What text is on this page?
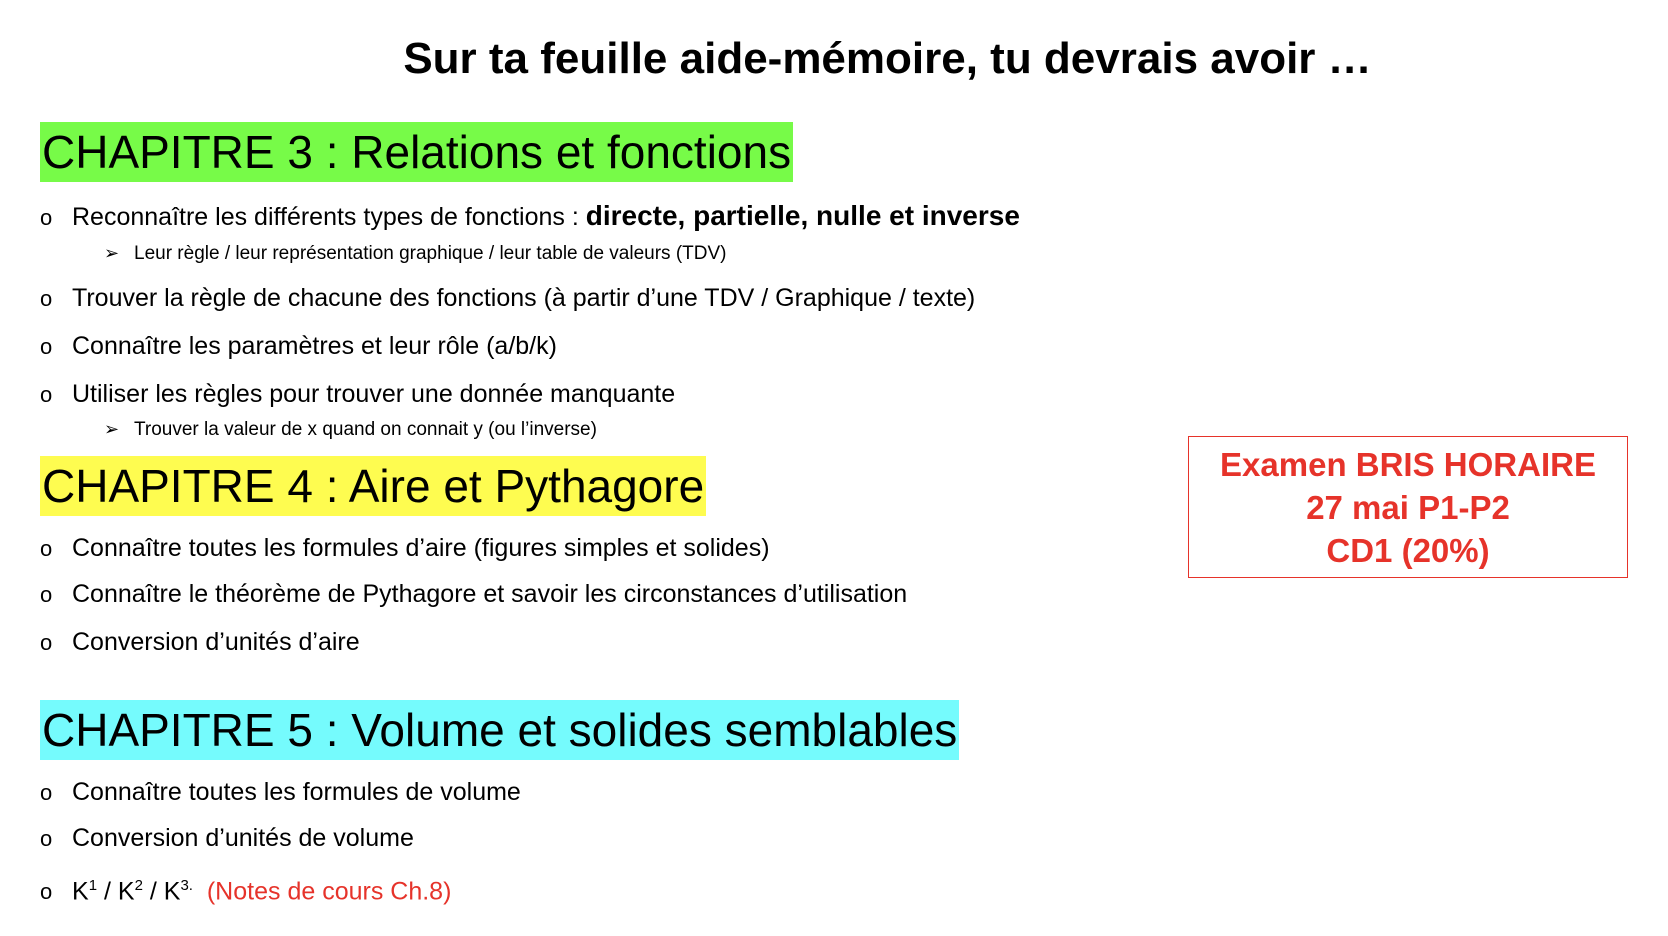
Sur ta feuille aide-mémoire, tu devrais avoir …
CHAPITRE 3 : Relations et fonctions
o Reconnaître les différents types de fonctions : directe, partielle, nulle et inverse
➢ Leur règle / leur représentation graphique / leur table de valeurs (TDV)
o Trouver la règle de chacune des fonctions (à partir d’une TDV / Graphique / texte)
o Connaître les paramètres et leur rôle (a/b/k)
o Utiliser les règles pour trouver une donnée manquante
➢ Trouver la valeur de x quand on connait y (ou l’inverse)
CHAPITRE 4 : Aire et Pythagore
o Connaître toutes les formules d’aire (figures simples et solides)
o Connaître le théorème de Pythagore et savoir les circonstances d’utilisation
o Conversion d’unités d’aire
CHAPITRE 5 : Volume et solides semblables
o Connaître toutes les formules de volume
o Conversion d’unités de volume
o $K^1 / K^2 / K^{3.}$ (Notes de cours Ch.8)
Examen BRIS HORAIRE
27 mai P1-P2
CD1 (20%)
